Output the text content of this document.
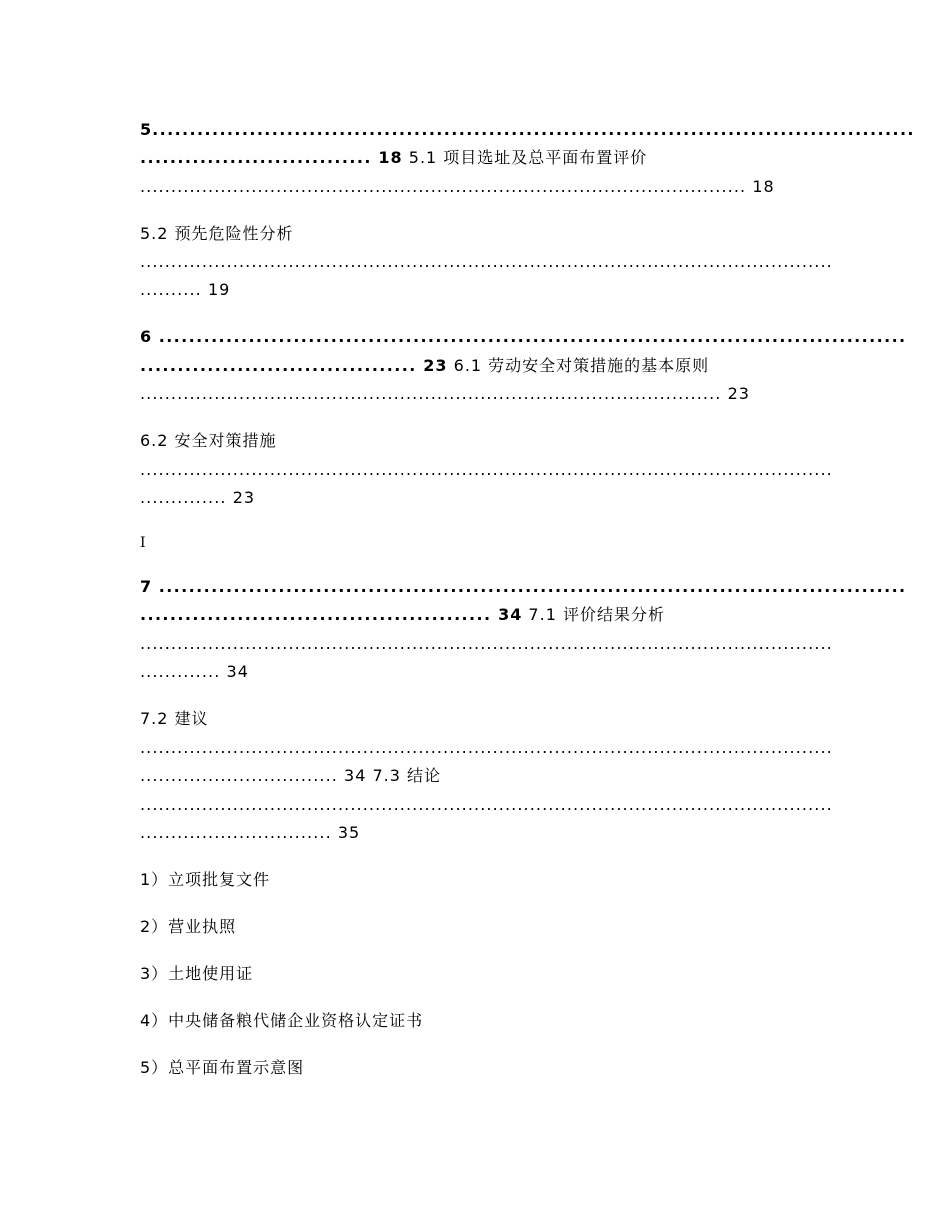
5......................................................................................................
............................... 18 5.1 项目选址及总平面布置评价
.................................................................................................. 18
5.2 预先危险性分析
................................................................................................................
.......... 19
6 ....................................................................................................
..................................... 23 6.1 劳动安全对策措施的基本原则
.............................................................................................. 23
6.2 安全对策措施
................................................................................................................
.............. 23
I
7 ....................................................................................................
............................................... 34 7.1 评价结果分析
................................................................................................................
............. 34
7.2 建议
................................................................................................................
................................ 34 7.3 结论
................................................................................................................
............................... 35
1）立项批复文件
2）营业执照
3）土地使用证
4）中央储备粮代储企业资格认定证书
5）总平面布置示意图
